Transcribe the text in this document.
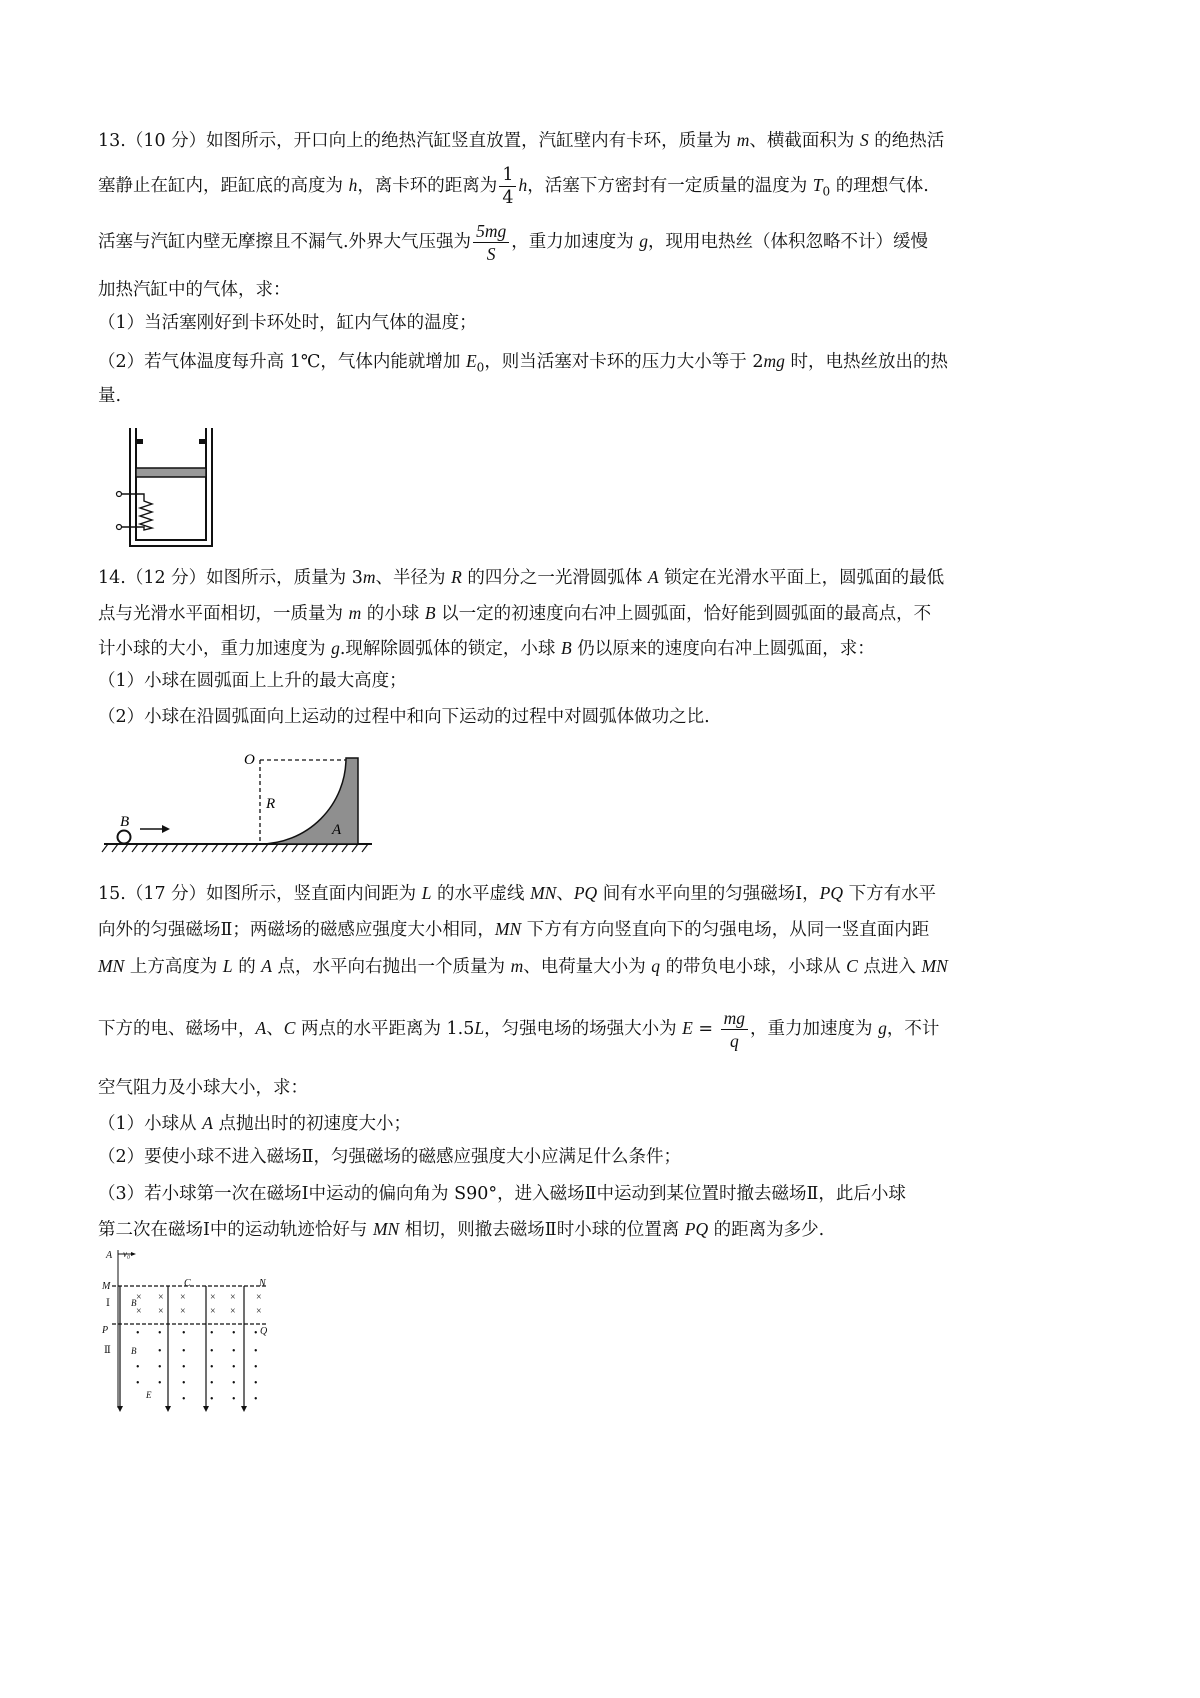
13.（10 分）如图所示，开口向上的绝热汽缸竖直放置，汽缸壁内有卡环，质量为 m、横截面积为 S 的绝热活
塞静止在缸内，距缸底的高度为 h，离卡环的距离为 $\frac{1}{4}$ h，活塞下方密封有一定质量的温度为 $T_0$ 的理想气体.
活塞与汽缸内壁无摩擦且不漏气.外界大气压强为 $\frac{5mg}{S}$ ，重力加速度为 g，现用电热丝（体积忽略不计）缓慢
加热汽缸中的气体，求：
（1）当活塞刚好到卡环处时，缸内气体的温度；
（2）若气体温度每升高 1℃，气体内能就增加 $E_0$，则当活塞对卡环的压力大小等于 2mg 时，电热丝放出的热
量.
14.（12 分）如图所示，质量为 3m、半径为 R 的四分之一光滑圆弧体 A 锁定在光滑水平面上，圆弧面的最低
点与光滑水平面相切，一质量为 m 的小球 B 以一定的初速度向右冲上圆弧面，恰好能到圆弧面的最高点，不
计小球的大小，重力加速度为 g.现解除圆弧体的锁定，小球 B 仍以原来的速度向右冲上圆弧面，求：
（1）小球在圆弧面上上升的最大高度；
（2）小球在沿圆弧面向上运动的过程中和向下运动的过程中对圆弧体做功之比.
O
R
A
B
15.（17 分）如图所示，竖直面内间距为 L 的水平虚线 MN、PQ 间有水平向里的匀强磁场Ⅰ，PQ 下方有水平
向外的匀强磁场Ⅱ；两磁场的磁感应强度大小相同，MN 下方有方向竖直向下的匀强电场，从同一竖直面内距
MN 上方高度为 L 的 A 点，水平向右抛出一个质量为 m、电荷量大小为 q 的带负电小球，小球从 C 点进入 MN
下方的电、磁场中，A、C 两点的水平距离为 1.5L，匀强电场的场强大小为 $E = \frac{mg}{q}$ ，重力加速度为 g，不计
空气阻力及小球大小，求：
（1）小球从 A 点抛出时的初速度大小；
（2）要使小球不进入磁场Ⅱ，匀强磁场的磁感应强度大小应满足什么条件；
（3）若小球第一次在磁场Ⅰ中运动的偏向角为 S90°，进入磁场Ⅱ中运动到某位置时撤去磁场Ⅱ，此后小球
第二次在磁场Ⅰ中的运动轨迹恰好与 MN 相切，则撤去磁场Ⅱ时小球的位置离 PQ 的距离为多少.
A v₀
M	C	N
Ⅰ
P	Q
Ⅱ
B
B
E
× × × × × ×
× × × × × ×
• • • • • •
• • • • •
• • • • • •
• • • • • •
• • • •
